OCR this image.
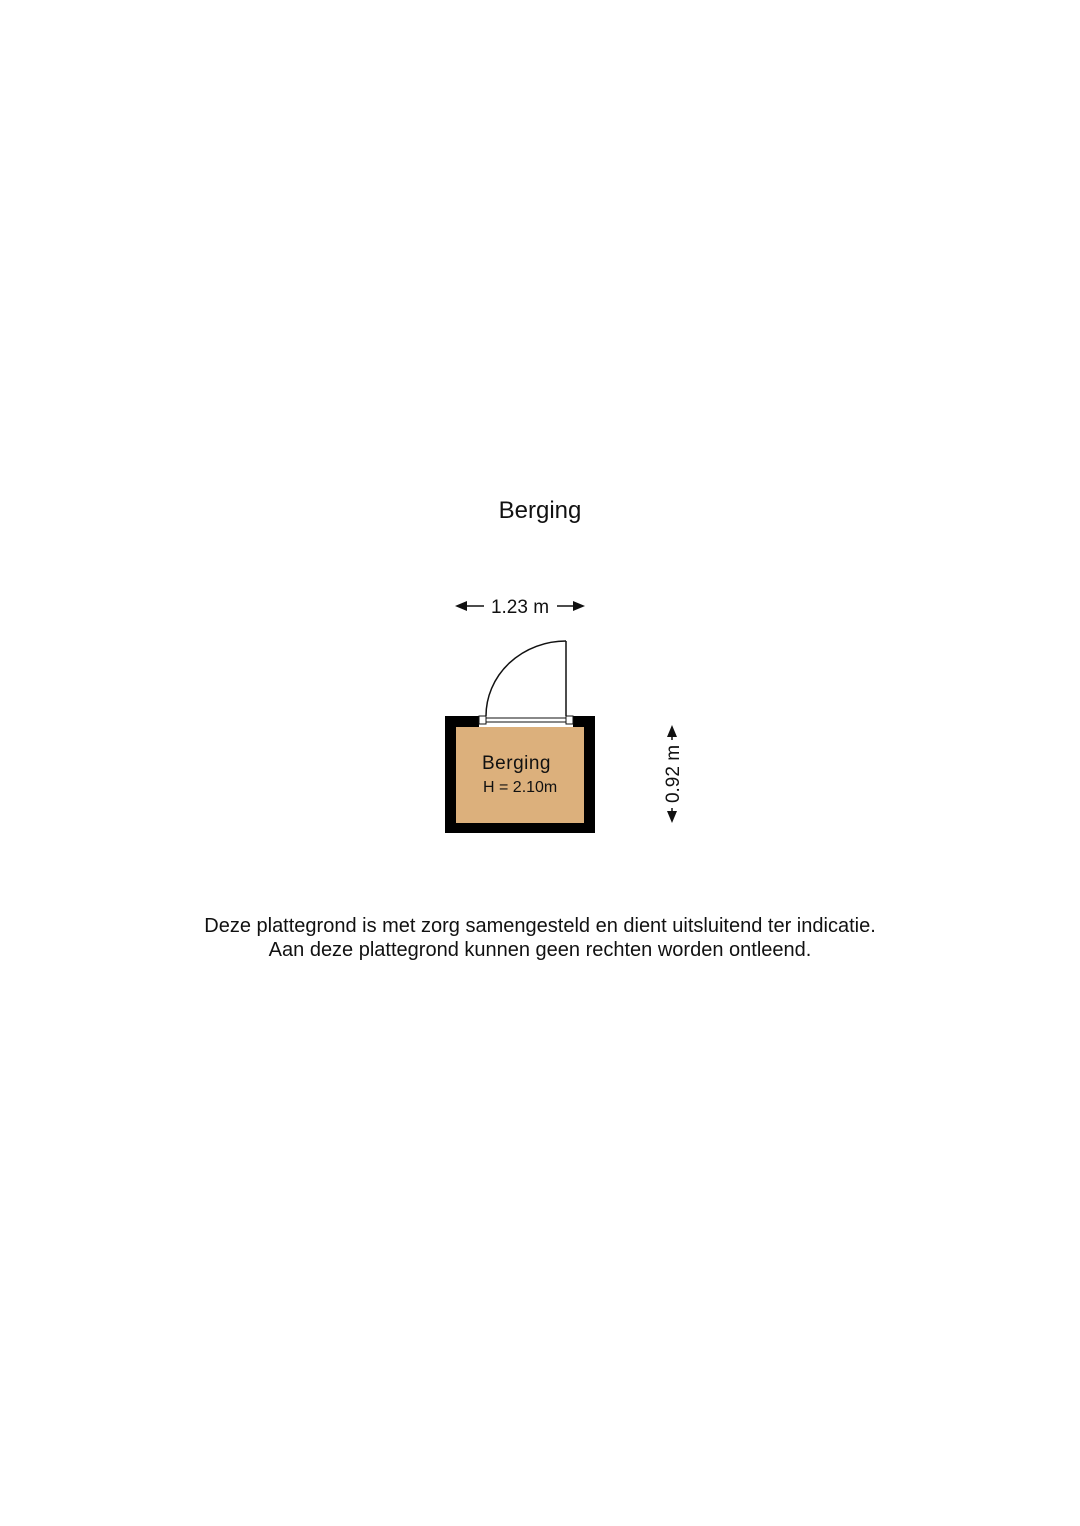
Berging
1.23 m
0.92 m
Berging
H = 2.10m
Deze plattegrond is met zorg samengesteld en dient uitsluitend ter indicatie.
Aan deze plattegrond kunnen geen rechten worden ontleend.
